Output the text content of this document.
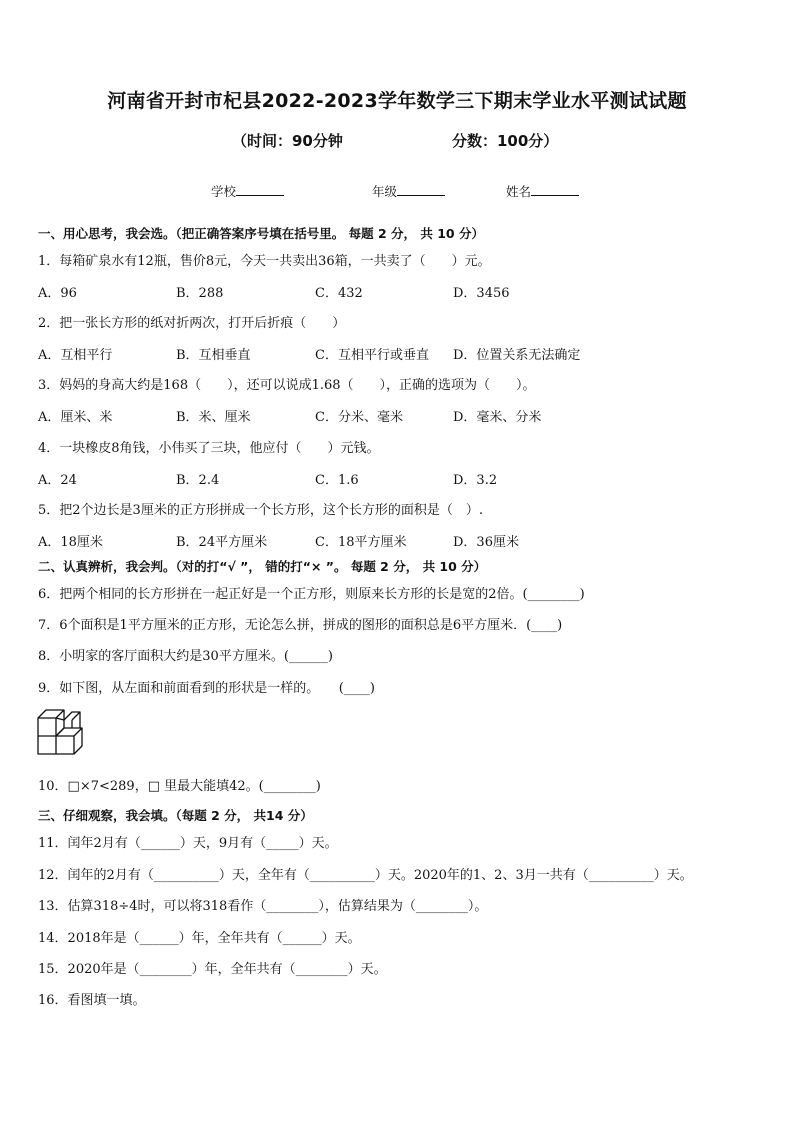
河南省开封市杞县2022-2023学年数学三下期末学业水平测试试题
（时间：90分钟	分数：100分）
学校	年级	姓名
一、用心思考，我会选。（把正确答案序号填在括号里。 每题 2 分， 共 10 分）
1．每箱矿泉水有12瓶，售价8元，今天一共卖出36箱，一共卖了（　　）元。
A．96	B．288	C．432	D．3456
2．把一张长方形的纸对折两次，打开后折痕（　　）
A．互相平行	B．互相垂直	C．互相平行或垂直 D．位置关系无法确定
3．妈妈的身高大约是168（　　），还可以说成1.68（　　），正确的选项为（　　）。
A．厘米、米	B．米、厘米	C．分米、毫米	D．毫米、分米
4．一块橡皮8角钱，小伟买了三块，他应付（　　）元钱。
A．24	B．2.4	C．1.6	D．3.2
5．把2个边长是3厘米的正方形拼成一个长方形，这个长方形的面积是（　）.
A．18厘米	B．24平方厘米	C．18平方厘米	D．36厘米
二、认真辨析，我会判。（对的打“√ ”， 错的打“× ”。 每题 2 分， 共 10 分）
6．把两个相同的长方形拼在一起正好是一个正方形，则原来长方形的长是宽的2倍。(________)
7．6个面积是1平方厘米的正方形，无论怎么拼，拼成的图形的面积总是6平方厘米．(____)
8．小明家的客厅面积大约是30平方厘米。(______)
9．如下图，从左面和前面看到的形状是一样的。　　(____)
10．□×7<289，□ 里最大能填42。(________)
三、仔细观察，我会填。（每题 2 分， 共14 分）
11．闰年2月有（______）天，9月有（_____）天。
12．闰年的2月有（__________）天，全年有（__________）天。2020年的1、2、3月一共有（__________）天。
13．估算318÷4时，可以将318看作（________），估算结果为（________）。
14．2018年是（______）年，全年共有（______）天。
15．2020年是（________）年，全年共有（________）天。
16．看图填一填。
